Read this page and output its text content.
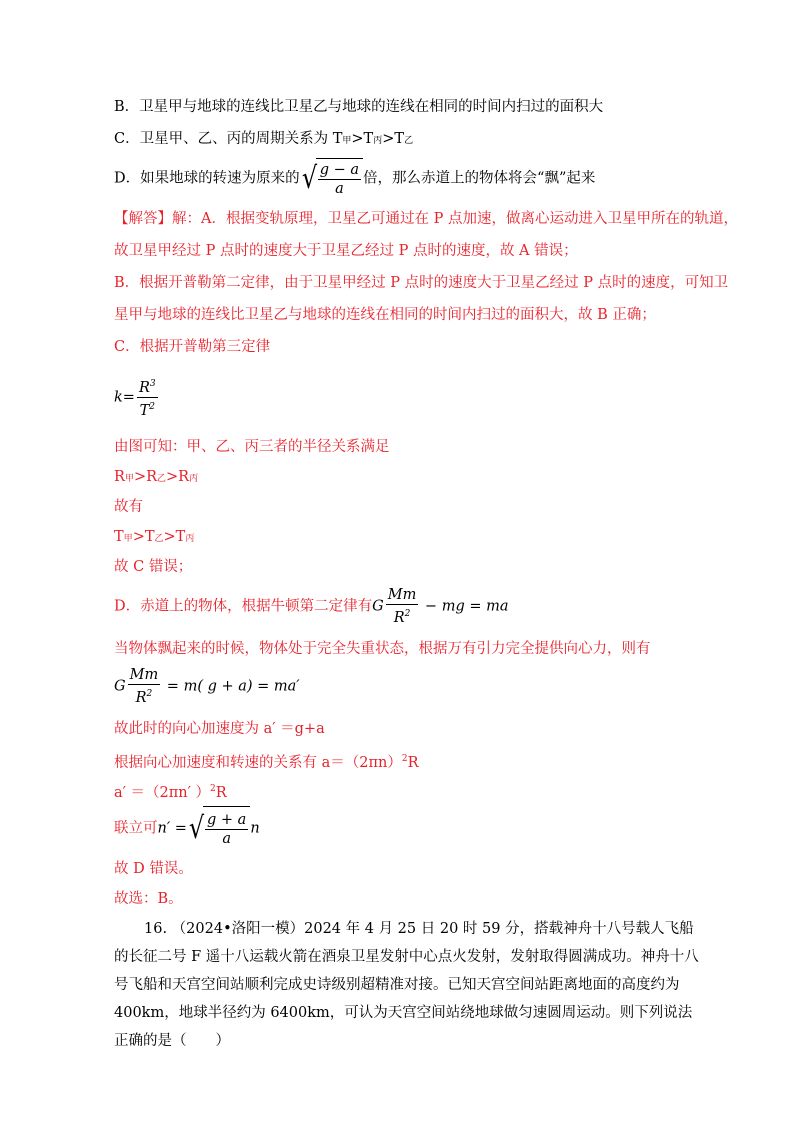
B．卫星甲与地球的连线比卫星乙与地球的连线在相同的时间内扫过的面积大
C．卫星甲、乙、丙的周期关系为 T甲>T丙>T乙
D．如果地球的转速为原来的√ $\frac{g - a}{a}$ 倍，那么赤道上的物体将会“飘”起来
【解答】解：A．根据变轨原理，卫星乙可通过在 P 点加速，做离心运动进入卫星甲所在的轨道，
故卫星甲经过 P 点时的速度大于卫星乙经过 P 点时的速度，故 A 错误；
B．根据开普勒第二定律，由于卫星甲经过 P 点时的速度大于卫星乙经过 P 点时的速度，可知卫
星甲与地球的连线比卫星乙与地球的连线在相同的时间内扫过的面积大，故 B 正确；
C．根据开普勒第三定律
$k= \frac{R^3}{T^2}$
由图可知：甲、乙、丙三者的半径关系满足
R甲>R乙>R丙
故有
T甲>T乙>T丙
故 C 错误；
D．赤道上的物体，根据牛顿第二定律有G $\frac{Mm}{R^2}$ − mg = ma
当物体飘起来的时候，物体处于完全失重状态，根据万有引力完全提供向心力，则有
G $\frac{Mm}{R^2} = m$( g + a) = ma′
故此时的向心加速度为 a′ ＝g+a
根据向心加速度和转速的关系有 $a=(2\pi n)^2R$
a′ ＝（2πn′ ）$^2$R
联立可n′ =√ $\frac{g + a}{a}$ n
故 D 错误。
故选：B。
16. （2024•洛阳一模）2024 年 4 月 25 日 20 时 59 分，搭载神舟十八号载人飞船的长征二号 F 遥十八运载火箭在酒泉卫星发射中心点火发射，发射取得圆满成功。神舟十八号飞船和天宫空间站顺利完成史诗级别超精准对接。已知天宫空间站距离地面的高度约为 400km，地球半径约为 6400km，可认为天宫空间站绕地球做匀速圆周运动。则下列说法正确的是（　　）
